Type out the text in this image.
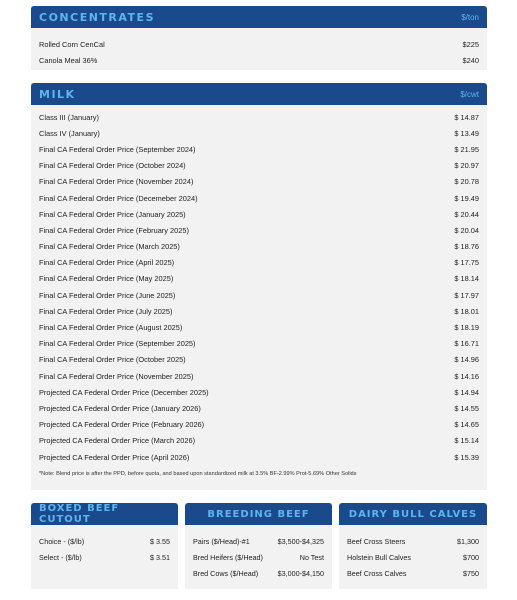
CONCENTRATES	$/ton
Rolled Corn CenCal	$225
Canola Meal 36%	$240
MILK	$/cwt
Class III (January)	$ 14.87
Class IV (January)	$ 13.49
Final CA Federal Order Price (September 2024)	$ 21.95
Final CA Federal Order Price (October 2024)	$ 20.97
Final CA Federal Order Price (November 2024)	$ 20.78
Final CA Federal Order Price (Decemeber 2024)	$ 19.49
Final CA Federal Order Price (January 2025)	$ 20.44
Final CA Federal Order Price (February 2025)	$ 20.04
Final CA Federal Order Price (March 2025)	$ 18.76
Final CA Federal Order Price (April 2025)	$ 17.75
Final CA Federal Order Price (May 2025)	$ 18.14
Final CA Federal Order Price (June 2025)	$ 17.97
Final CA Federal Order Price (July 2025)	$ 18.01
Final CA Federal Order Price (August 2025)	$ 18.19
Final CA Federal Order Price (September 2025)	$ 16.71
Final CA Federal Order Price (October 2025)	$ 14.96
Final CA Federal Order Price (November 2025)	$ 14.16
Projected CA Federal Order Price (December 2025)	$ 14.94
Projected CA Federal Order Price (January 2026)	$ 14.55
Projected CA Federal Order Price (February 2026)	$ 14.65
Projected CA Federal Order Price (March 2026)	$ 15.14
Projected CA Federal Order Price (April 2026)	$ 15.39
*Note: Blend price is after the PPD, before quota, and based upon standardized milk at 3.5% BF-2.99% Prot-5.69% Other Solids
BOXED BEEF CUTOUT
Choice - ($/lb)	$ 3.55
Select - ($/lb)	$ 3.51
BREEDING BEEF
Pairs ($/Head)-#1	$3,500-$4,325
Bred Heifers ($/Head)	No Test
Bred Cows ($/Head)	$3,000-$4,150
DAIRY BULL CALVES
Beef Cross Steers	$1,300
Holstein Bull Calves	$700
Beef Cross Calves	$750
